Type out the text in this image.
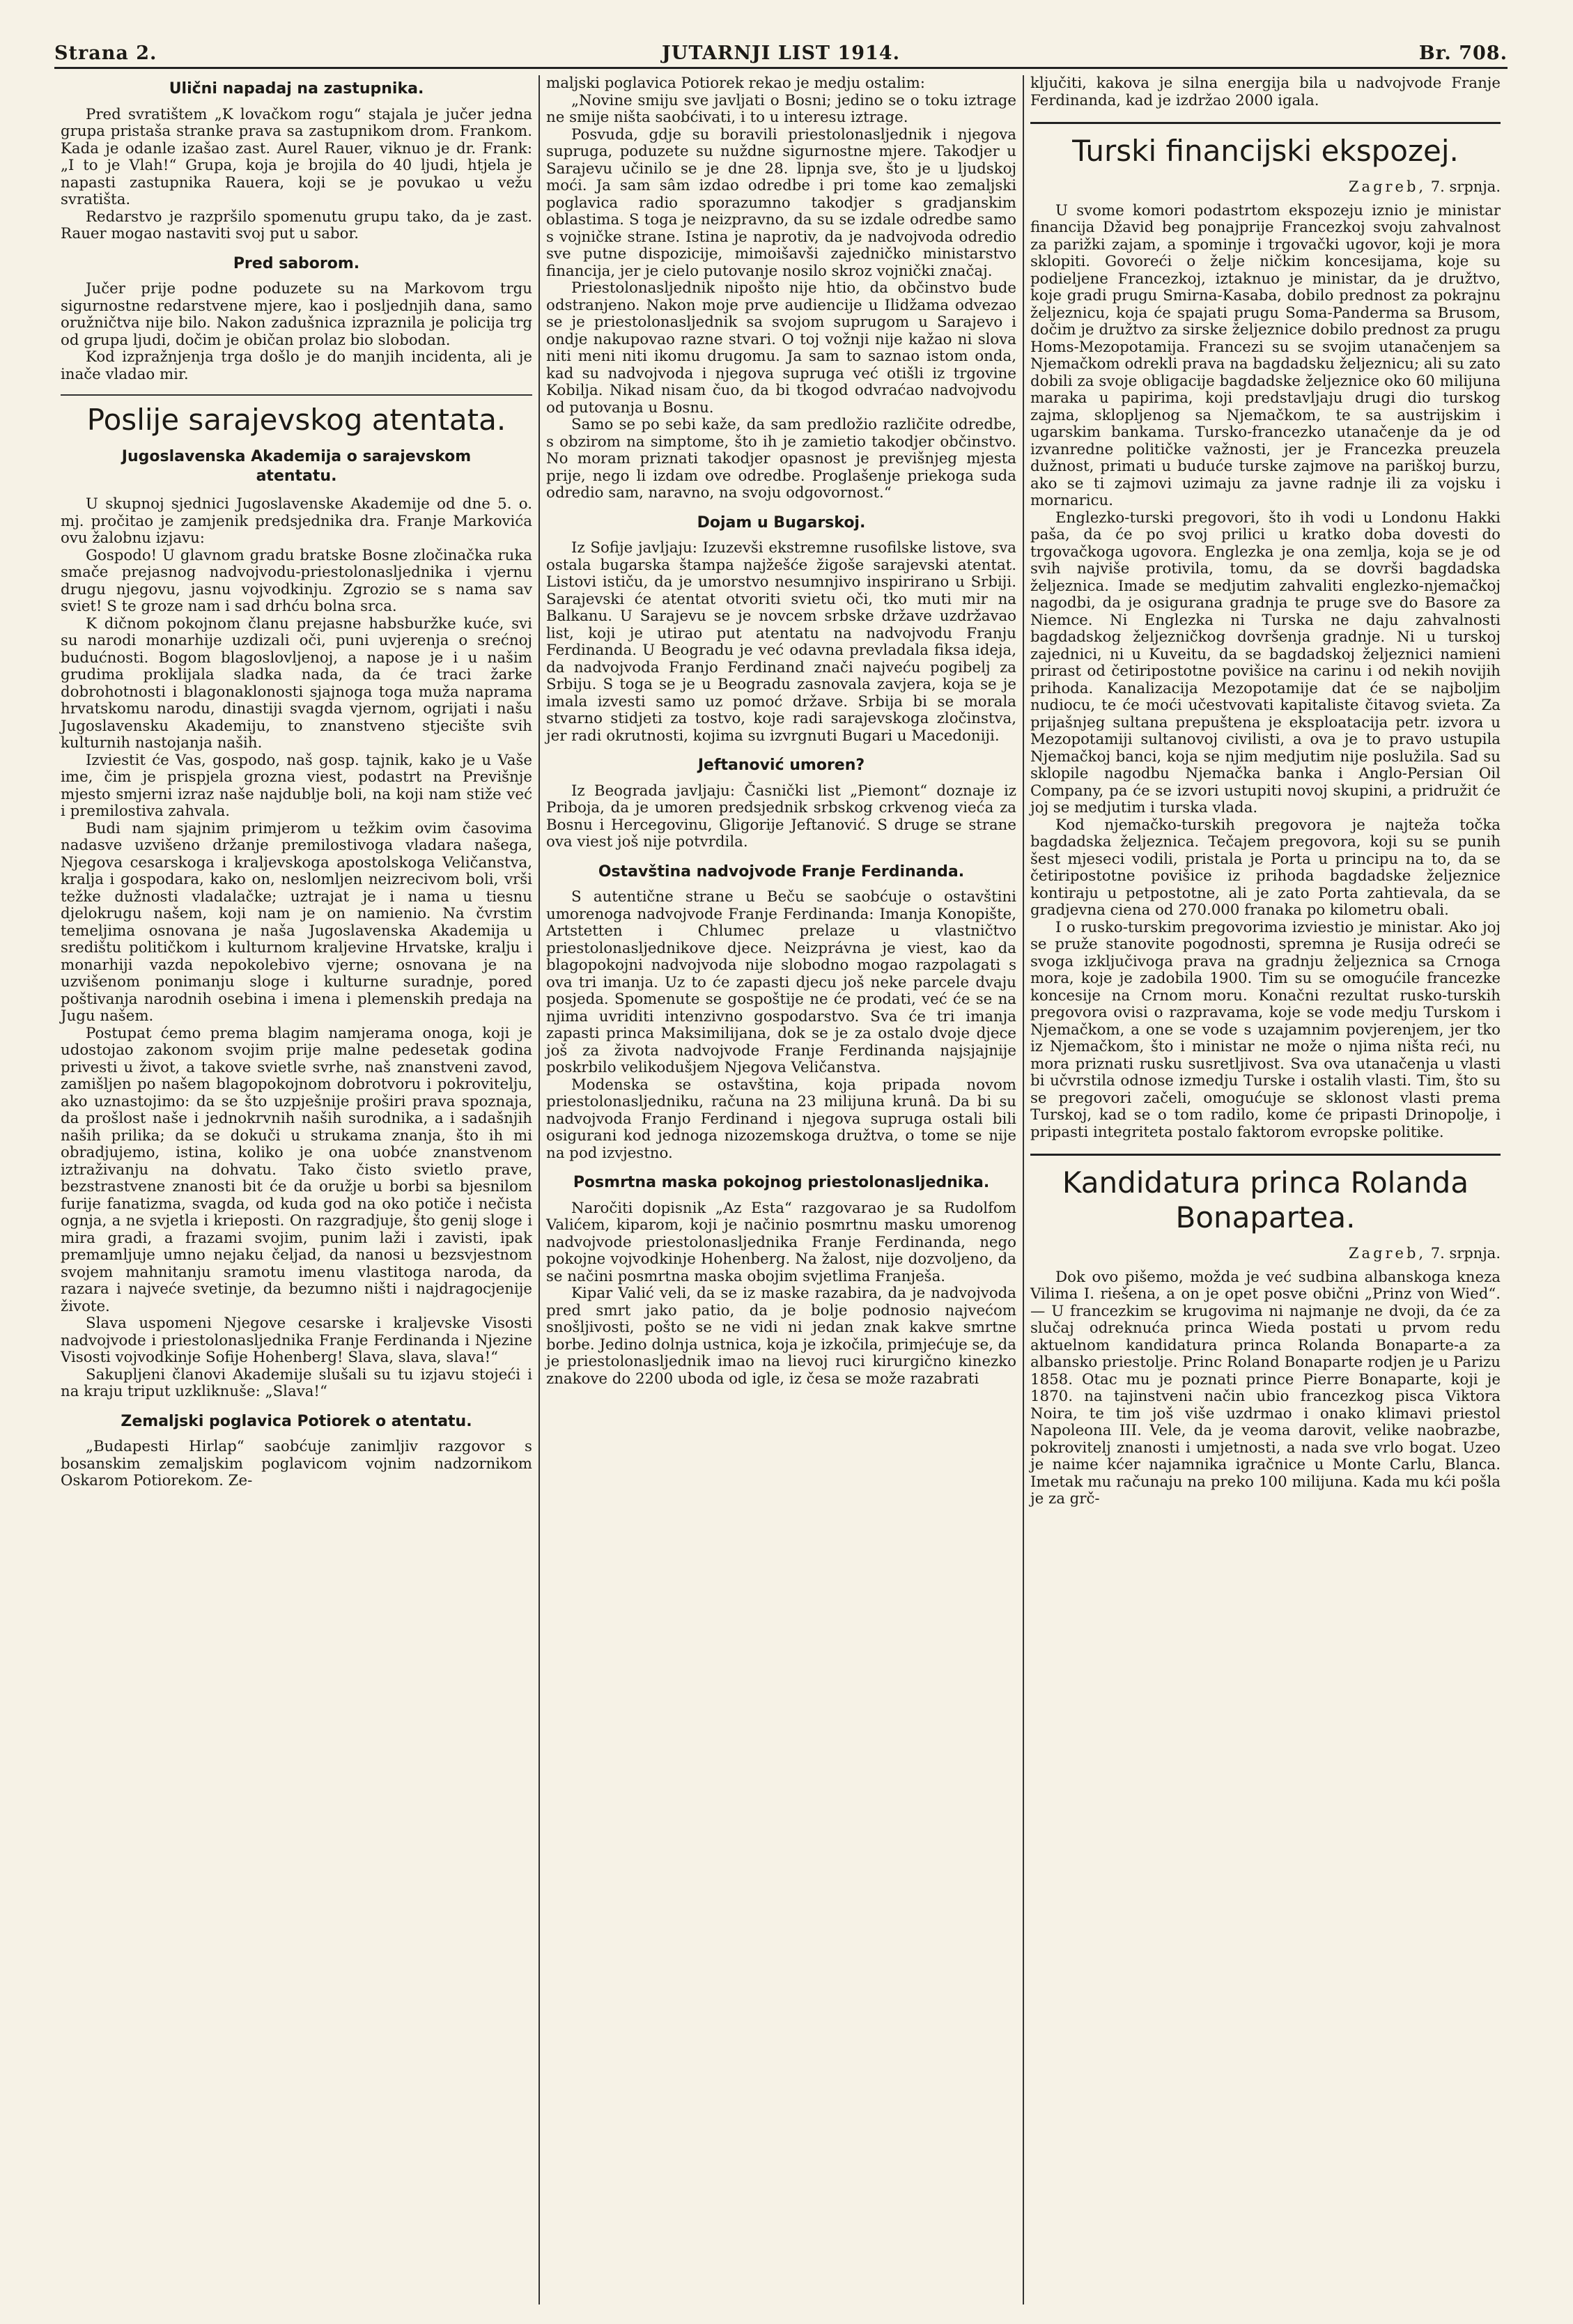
Strana 2.	JUTARNJI LIST 1914.	Br. 708.
Ulični napadaj na zastupnika.

Pred svratištem „K lovačkom rogu“ stajala je jučer jedna grupa pristaša stranke prava sa zastupnikom drom. Frankom. Kada je odanle izašao zast. Aurel Rauer, viknuo je dr. Frank: „I to je Vlah!“ Grupa, koja je brojila do 40 ljudi, htjela je napasti zastupnika Rauera, koji se je povukao u vežu svratišta.

Redarstvo je razpršilo spomenutu grupu tako, da je zast. Rauer mogao nastaviti svoj put u sabor.

Pred saborom.

Jučer prije podne poduzete su na Markovom trgu sigurnostne redarstvene mjere, kao i posljednjih dana, samo oružničtva nije bilo. Nakon zadušnica izpraznila je policija trg od grupa ljudi, dočim je običan prolaz bio slobodan.

Kod izpražnjenja trga došlo je do manjih incidenta, ali je inače vladao mir.

Poslije sarajevskog atentata.
Jugoslavenska Akademija o sarajevskom atentatu.

U skupnoj sjednici Jugoslavenske Akademije od dne 5. o. mj. pročitao je zamjenik predsjednika dra. Franje Markovića ovu žalobnu izjavu:

Gospodo! U glavnom gradu bratske Bosne zločinačka ruka smače prejasnog nadvojvodu-priestolonasljednika i vjernu drugu njegovu, jasnu vojvodkinju. Zgrozio se s nama sav sviet! S te groze nam i sad drhću bolna srca.

K dičnom pokojnom članu prejasne habsburžke kuće, svi su narodi monarhije uzdizali oči, puni uvjerenja o srećnoj budućnosti. Bogom blagoslovljenoj, a napose je i u našim grudima proklijala sladka nada, da će traci žarke dobrohotnosti i blagonaklonosti sjajnoga toga muža naprama hrvatskomu narodu, dinastiji svagda vjernom, ogrijati i našu Jugoslavensku Akademiju, to znanstveno stjecište svih kulturnih nastojanja naših.

Izviestit će Vas, gospodo, naš gosp. tajnik, kako je u Vaše ime, čim je prispjela grozna viest, podastrt na Previšnje mjesto smjerni izraz naše najdublje boli, na koji nam stiže već i premilostiva zahvala.

Budi nam sjajnim primjerom u težkim ovim časovima nadasve uzvišeno držanje premilostivoga vladara našega, Njegova cesarskoga i kraljevskoga apostolskoga Veličanstva, kralja i gospodara, kako on, neslomljen neizrecivom boli, vrši težke dužnosti vladalačke; uztrajat je i nama u tiesnu djelokrugu našem, koji nam je on namienio. Na čvrstim temeljima osnovana je naša Jugoslavenska Akademija u središtu političkom i kulturnom kraljevine Hrvatske, kralju i monarhiji vazda nepokolebivo vjerne; osnovana je na uzvišenom ponimanju sloge i kulturne suradnje, pored poštivanja narodnih osebina i imena i plemenskih predaja na Jugu našem.

Postupat ćemo prema blagim namjerama onoga, koji je udostojao zakonom svojim prije malne pedesetak godina privesti u život, a takove svietle svrhe, naš znanstveni zavod, zamišljen po našem blagopokojnom dobrotvoru i pokrovitelju, ako uznastojimo: da se što uzpješnije proširi prava spoznaja, da prošlost naše i jednokrvnih naših surodnika, a i sadašnjih naših prilika; da se dokuči u strukama znanja, što ih mi obradjujemo, istina, koliko je ona uobće znanstvenom iztraživanju na dohvatu. Tako čisto svietlo prave, bezstrastvene znanosti bit će da oružje u borbi sa bjesnilom furije fanatizma, svagda, od kuda god na oko potiče i nečista ognja, a ne svjetla i krieposti. On razgradjuje, što genij sloge i mira gradi, a frazami svojim, punim laži i zavisti, ipak premamljuje umno nejaku čeljad, da nanosi u bezsvjestnom svojem mahnitanju sramotu imenu vlastitoga naroda, da razara i najveće svetinje, da bezumno ništi i najdragocjenije živote.

Slava uspomeni Njegove cesarske i kraljevske Visosti nadvojvode i priestolonasljednika Franje Ferdinanda i Njezine Visosti vojvodkinje Sofije Hohenberg! Slava, slava, slava!“

Sakupljeni članovi Akademije slušali su tu izjavu stojeći i na kraju triput uzkliknuše: „Slava!“

Zemaljski poglavica Potiorek o atentatu.

„Budapesti Hirlap“ saobćuje zanimljiv razgovor s bosanskim zemaljskim poglavicom vojnim nadzornikom Oskarom Potiorekom. Ze-

maljski poglavica Potiorek rekao je medju ostalim:

„Novine smiju sve javljati o Bosni; jedino se o toku iztrage ne smije ništa saobćivati, i to u interesu iztrage.

Posvuda, gdje su boravili priestolonasljednik i njegova supruga, poduzete su nuždne sigurnostne mjere. Takodjer u Sarajevu učinilo se je dne 28. lipnja sve, što je u ljudskoj moći. Ja sam sâm izdao odredbe i pri tome kao zemaljski poglavica radio sporazumno takodjer s gradjanskim oblastima. S toga je neizpravno, da su se izdale odredbe samo s vojničke strane. Istina je naprotiv, da je nadvojvoda odredio sve putne dispozicije, mimoišavši zajedničko ministarstvo financija, jer je cielo putovanje nosilo skroz vojnički značaj.

Priestolonasljednik nipošto nije htio, da občinstvo bude odstranjeno. Nakon moje prve audiencije u Ilidžama odvezao se je priestolonasljednik sa svojom suprugom u Sarajevo i ondje nakupovao razne stvari. O toj vožnji nije kažao ni slova niti meni niti ikomu drugomu. Ja sam to saznao istom onda, kad su nadvojvoda i njegova supruga već otišli iz trgovine Kobilja. Nikad nisam čuo, da bi tkogod odvraćao nadvojvodu od putovanja u Bosnu.

Samo se po sebi kaže, da sam predložio različite odredbe, s obzirom na simptome, što ih je zamietio takodjer občinstvo. No moram priznati takodjer opasnost je previšnjeg mjesta prije, nego li izdam ove odredbe. Proglašenje priekoga suda odredio sam, naravno, na svoju odgovornost.“

Dojam u Bugarskoj.

Iz Sofije javljaju: Izuzevši ekstremne rusofilske listove, sva ostala bugarska štampa najžešće žigoše sarajevski atentat. Listovi ističu, da je umorstvo nesumnjivo inspirirano u Srbiji. Sarajevski će atentat otvoriti svietu oči, tko muti mir na Balkanu. U Sarajevu se je novcem srbske države uzdržavao list, koji je utirao put atentatu na nadvojvodu Franju Ferdinanda. U Beogradu je već odavna prevladala fiksa ideja, da nadvojvoda Franjo Ferdinand znači najveću pogibelj za Srbiju. S toga se je u Beogradu zasnovala zavjera, koja se je imala izvesti samo uz pomoć države. Srbija bi se morala stvarno stidjeti za tostvo, koje radi sarajevskoga zločinstva, jer radi okrutnosti, kojima su izvrgnuti Bugari u Macedoniji.

Jeftanović umoren?

Iz Beograda javljaju: Časnički list „Piemont“ doznaje iz Priboja, da je umoren predsjednik srbskog crkvenog vieća za Bosnu i Hercegovinu, Gligorije Jeftanović. S druge se strane ova viest još nije potvrdila.

Ostavština nadvojvode Franje Ferdinanda.

S autentične strane u Beču se saobćuje o ostavštini umorenoga nadvojvode Franje Ferdinanda: Imanja Konopište, Artstetten i Chlumec prelaze u vlastničtvo priestolonasljednikove djece. Neizprávna je viest, kao da blagopokojni nadvojvoda nije slobodno mogao razpolagati s ova tri imanja. Uz to će zapasti djecu još neke parcele dvaju posjeda. Spomenute se gospoštije ne će prodati, već će se na njima uvriditi intenzivno gospodarstvo. Sva će tri imanja zapasti princa Maksimilijana, dok se je za ostalo dvoje djece još za života nadvojvode Franje Ferdinanda najsjajnije poskrbilo velikodušjem Njegova Veličanstva.

Modenska se ostavština, koja pripada novom priestolonasljedniku, računa na 23 milijuna krunâ. Da bi su nadvojvoda Franjo Ferdinand i njegova supruga ostali bili osigurani kod jednoga nizozemskoga družtva, o tome se nije na pod izvjestno.

Posmrtna maska pokojnog priestolonasljednika.

Naročiti dopisnik „Az Esta“ razgovarao je sa Rudolfom Valićem, kiparom, koji je načinio posmrtnu masku umorenog nadvojvode priestolonasljednika Franje Ferdinanda, nego pokojne vojvodkinje Hohenberg. Na žalost, nije dozvoljeno, da se načini posmrtna maska obojim svjetlima Franješa.

Kipar Valić veli, da se iz maske razabira, da je nadvojvoda pred smrt jako patio, da je bolje podnosio najvećom snošljivosti, pošto se ne vidi ni jedan znak kakve smrtne borbe. Jedino dolnja ustnica, koja je izkočila, primjećuje se, da je priestolonasljednik imao na lievoj ruci kirurgično kinezko znakove do 2200 uboda od igle, iz česa se može razabrati

ključiti, kakova je silna energija bila u nadvojvode Franje Ferdinanda, kad je izdržao 2000 igala.

Turski financijski ekspozej.
Zagreb, 7. srpnja.

U svome komori podastrtom ekspozeju iznio je ministar financija Džavid beg ponajprije Francezkoj svoju zahvalnost za parižki zajam, a spominje i trgovački ugovor, koji je mora sklopiti. Govoreći o želje ničkim koncesijama, koje su podieljene Francezkoj, iztaknuo je ministar, da je družtvo, koje gradi prugu Smirna-Kasaba, dobilo prednost za pokrajnu željeznicu, koja će spajati prugu Soma-Panderma sa Brusom, dočim je družtvo za sirske željeznice dobilo prednost za prugu Homs-Mezopotamija. Francezi su se svojim utanačenjem sa Njemačkom odrekli prava na bagdadsku željeznicu; ali su zato dobili za svoje obligacije bagdadske željeznice oko 60 milijuna maraka u papirima, koji predstavljaju drugi dio turskog zajma, sklopljenog sa Njemačkom, te sa austrijskim i ugarskim bankama. Tursko-francezko utanačenje da je od izvanredne političke važnosti, jer je Francezka preuzela dužnost, primati u buduće turske zajmove na pariškoj burzu, ako se ti zajmovi uzimaju za javne radnje ili za vojsku i mornaricu.

Englezko-turski pregovori, što ih vodi u Londonu Hakki paša, da će po svoj prilici u kratko doba dovesti do trgovačkoga ugovora. Englezka je ona zemlja, koja se je od svih najviše protivila, tomu, da se dovrši bagdadska željeznica. Imade se medjutim zahvaliti englezko-njemačkoj nagodbi, da je osigurana gradnja te pruge sve do Basore za Niemce. Ni Englezka ni Turska ne daju zahvalnosti bagdadskog željezničkog dovršenja gradnje. Ni u turskoj zajednici, ni u Kuveitu, da se bagdadskoj željeznici namieni prirast od četiripostotne povišice na carinu i od nekih novijih prihoda. Kanalizacija Mezopotamije dat će se najboljim nudiocu, te će moći učestvovati kapitaliste čitavog svieta. Za prijašnjeg sultana prepuštena je eksploatacija petr. izvora u Mezopotamiji sultanovoj civilisti, a ova je to pravo ustupila Njemačkoj banci, koja se njim medjutim nije poslužila. Sad su sklopile nagodbu Njemačka banka i Anglo-Persian Oil Company, pa će se izvori ustupiti novoj skupini, a pridružit će joj se medjutim i turska vlada.

Kod njemačko-turskih pregovora je najteža točka bagdadska željeznica. Tečajem pregovora, koji su se punih šest mjeseci vodili, pristala je Porta u principu na to, da se četiripostotne povišice iz prihoda bagdadske željeznice kontiraju u petpostotne, ali je zato Porta zahtievala, da se gradjevna ciena od 270.000 franaka po kilometru obali.

I o rusko-turskim pregovorima izviestio je ministar. Ako joj se pruže stanovite pogodnosti, spremna je Rusija odreći se svoga izključivoga prava na gradnju željeznica sa Crnoga mora, koje je zadobila 1900. Tim su se omogućile francezke koncesije na Crnom moru. Konačni rezultat rusko-turskih pregovora ovisi o razpravama, koje se vode medju Turskom i Njemačkom, a one se vode s uzajamnim povjerenjem, jer tko iz Njemačkom, što i ministar ne može o njima ništa reći, nu mora priznati rusku susretljivost. Sva ova utanačenja u vlasti bi učvrstila odnose izmedju Turske i ostalih vlasti. Tim, što su se pregovori začeli, omogućuje se sklonost vlasti prema Turskoj, kad se o tom radilo, kome će pripasti Drinopolje, i pripasti integriteta postalo faktorom evropske politike.

Kandidatura princa Rolanda Bonapartea.
Zagreb, 7. srpnja.

Dok ovo pišemo, možda je već sudbina albanskoga kneza Vilima I. riešena, a on je opet posve obični „Prinz von Wied“. — U francezkim se krugovima ni najmanje ne dvoji, da će za slučaj odreknuća princa Wieda postati u prvom redu aktuelnom kandidatura princa Rolanda Bonaparte-a za albansko priestolje. Princ Roland Bonaparte rodjen je u Parizu 1858. Otac mu je poznati prince Pierre Bonaparte, koji je 1870. na tajinstveni način ubio francezkog pisca Viktora Noira, te tim još više uzdrmao i onako klimavi priestol Napoleona III. Vele, da je veoma darovit, velike naobrazbe, pokrovitelj znanosti i umjetnosti, a nada sve vrlo bogat. Uzeo je naime kćer najamnika igračnice u Monte Carlu, Blanca. Imetak mu računaju na preko 100 milijuna. Kada mu kći pošla je za grč-
